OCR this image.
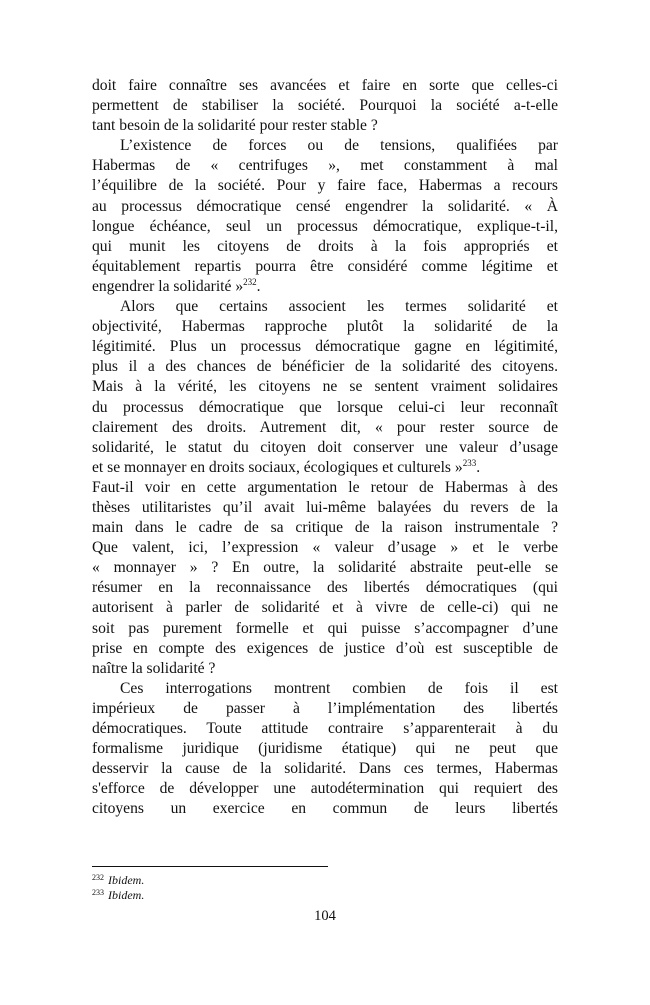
doit faire connaître ses avancées et faire en sorte que celles-ci
permettent de stabiliser la société. Pourquoi la société a-t-elle
tant besoin de la solidarité pour rester stable ?
L’existence de forces ou de tensions, qualifiées par
Habermas de « centrifuges », met constamment à mal
l’équilibre de la société. Pour y faire face, Habermas a recours
au processus démocratique censé engendrer la solidarité. « À
longue échéance, seul un processus démocratique, explique-t-il,
qui munit les citoyens de droits à la fois appropriés et
équitablement repartis pourra être considéré comme légitime et
engendrer la solidarité »$^{232}$.
Alors que certains associent les termes solidarité et
objectivité, Habermas rapproche plutôt la solidarité de la
légitimité. Plus un processus démocratique gagne en légitimité,
plus il a des chances de bénéficier de la solidarité des citoyens.
Mais à la vérité, les citoyens ne se sentent vraiment solidaires
du processus démocratique que lorsque celui-ci leur reconnaît
clairement des droits. Autrement dit, « pour rester source de
solidarité, le statut du citoyen doit conserver une valeur d’usage
et se monnayer en droits sociaux, écologiques et culturels »$^{233}$.
Faut-il voir en cette argumentation le retour de Habermas à des
thèses utilitaristes qu’il avait lui-même balayées du revers de la
main dans le cadre de sa critique de la raison instrumentale ?
Que valent, ici, l’expression « valeur d’usage » et le verbe
« monnayer » ? En outre, la solidarité abstraite peut-elle se
résumer en la reconnaissance des libertés démocratiques (qui
autorisent à parler de solidarité et à vivre de celle-ci) qui ne
soit pas purement formelle et qui puisse s’accompagner d’une
prise en compte des exigences de justice d’où est susceptible de
naître la solidarité ?
Ces interrogations montrent combien de fois il est
impérieux de passer à l’implémentation des libertés
démocratiques. Toute attitude contraire s’apparenterait à du
formalisme juridique (juridisme étatique) qui ne peut que
desservir la cause de la solidarité. Dans ces termes, Habermas
s'efforce de développer une autodétermination qui requiert des
citoyens un exercice en commun de leurs libertés
$^{232}$ Ibidem.
$^{233}$ Ibidem.
104
